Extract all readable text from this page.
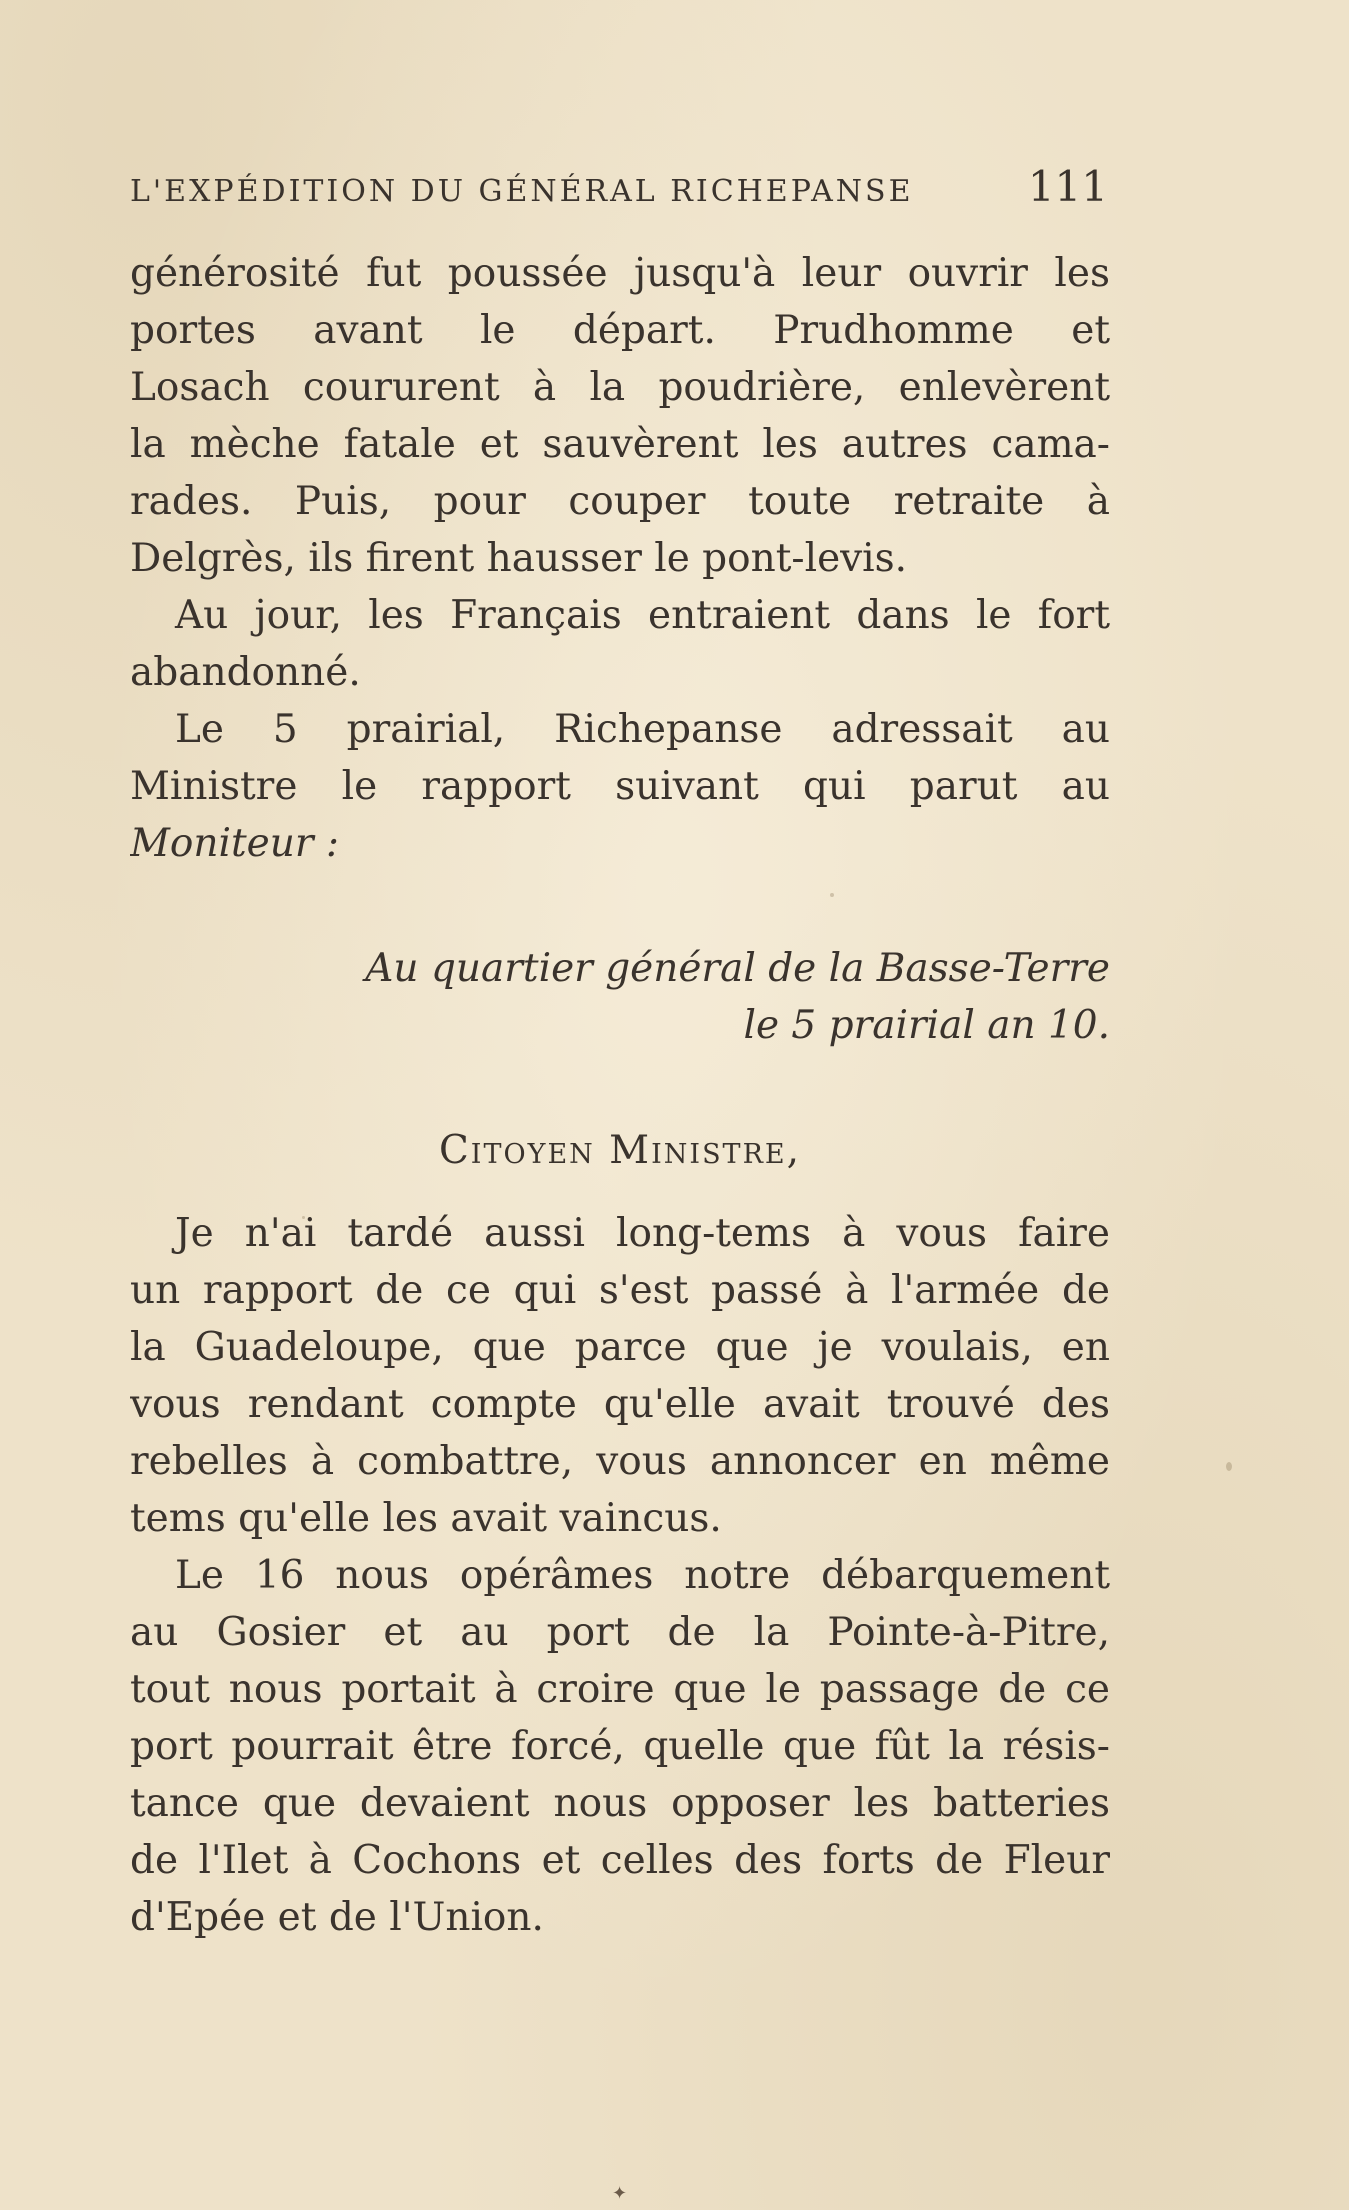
L'EXPÉDITION DU GÉNÉRAL RICHEPANSE	111
générosité fut poussée jusqu'à leur ouvrir les
portes avant le départ. Prudhomme et
Losach coururent à la poudrière, enlevèrent
la mèche fatale et sauvèrent les autres cama-
rades. Puis, pour couper toute retraite à
Delgrès, ils firent hausser le pont-levis.
Au jour, les Français entraient dans le fort
abandonné.
Le 5 prairial, Richepanse adressait au
Ministre le rapport suivant qui parut au
Moniteur :
Au quartier général de la Basse-Terre
le 5 prairial an 10.
Citoyen Ministre,
Je n'ai tardé aussi long-tems à vous faire
un rapport de ce qui s'est passé à l'armée de
la Guadeloupe, que parce que je voulais, en
vous rendant compte qu'elle avait trouvé des
rebelles à combattre, vous annoncer en même
tems qu'elle les avait vaincus.
Le 16 nous opérâmes notre débarquement
au Gosier et au port de la Pointe-à-Pitre,
tout nous portait à croire que le passage de ce
port pourrait être forcé, quelle que fût la résis-
tance que devaient nous opposer les batteries
de l'Ilet à Cochons et celles des forts de Fleur
d'Epée et de l'Union.
✦
